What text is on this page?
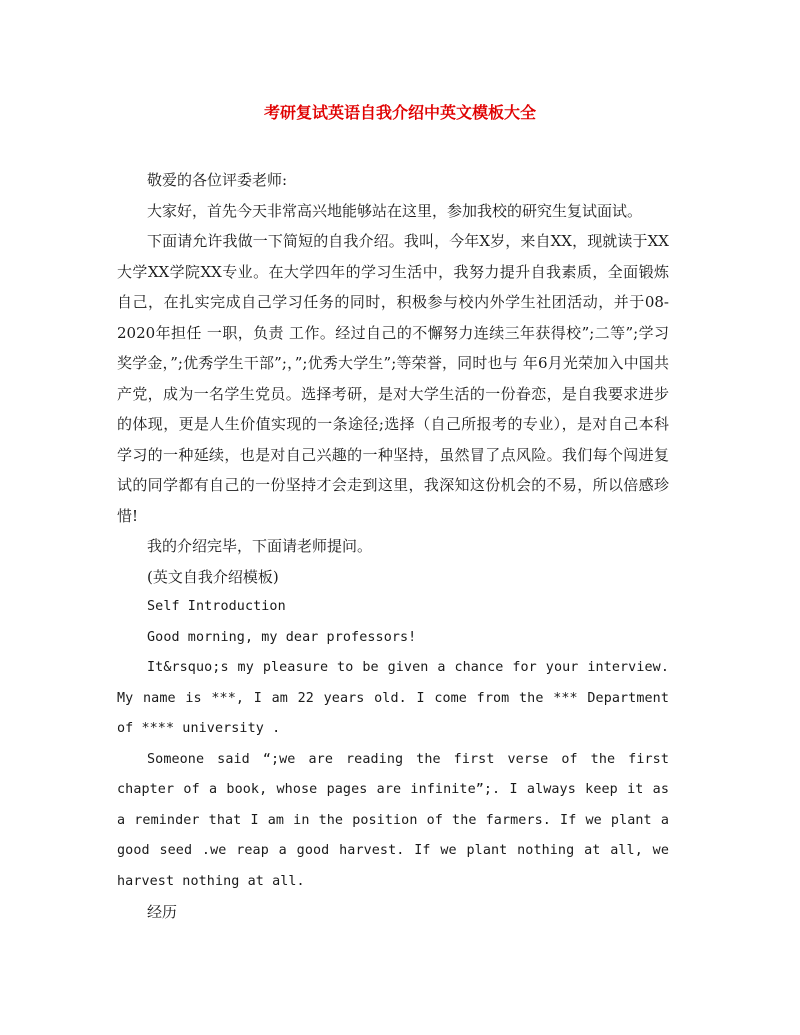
考研复试英语自我介绍中英文模板大全

敬爱的各位评委老师:

大家好，首先今天非常高兴地能够站在这里，参加我校的研究生复试面试。

下面请允许我做一下简短的自我介绍。我叫，今年X岁，来自XX，现就读于XX大学XX学院XX专业。在大学四年的学习生活中，我努力提升自我素质，全面锻炼自己，在扎实完成自己学习任务的同时，积极参与校内外学生社团活动，并于08-2020年担任 一职，负责 工作。经过自己的不懈努力连续三年获得校”;二等”;学习奖学金，”;优秀学生干部”;，”;优秀大学生”;等荣誉，同时也与 年6月光荣加入中国共产党，成为一名学生党员。选择考研，是对大学生活的一份眷恋，是自我要求进步的体现，更是人生价值实现的一条途径;选择（自己所报考的专业），是对自己本科学习的一种延续，也是对自己兴趣的一种坚持，虽然冒了点风险。我们每个闯进复试的同学都有自己的一份坚持才会走到这里，我深知这份机会的不易，所以倍感珍惜!

我的介绍完毕，下面请老师提问。

(英文自我介绍模板)

Self Introduction

Good morning, my dear professors!

It&rsquo;s my pleasure to be given a chance for your interview. My name is ***, I am 22 years old. I come from the *** Department of **** university .

Someone said “;we are reading the first verse of the first chapter of a book, whose pages are infinite”;. I always keep it as a reminder that I am in the position of the farmers. If we plant a good seed .we reap a good harvest. If we plant nothing at all, we harvest nothing at all.

经历
